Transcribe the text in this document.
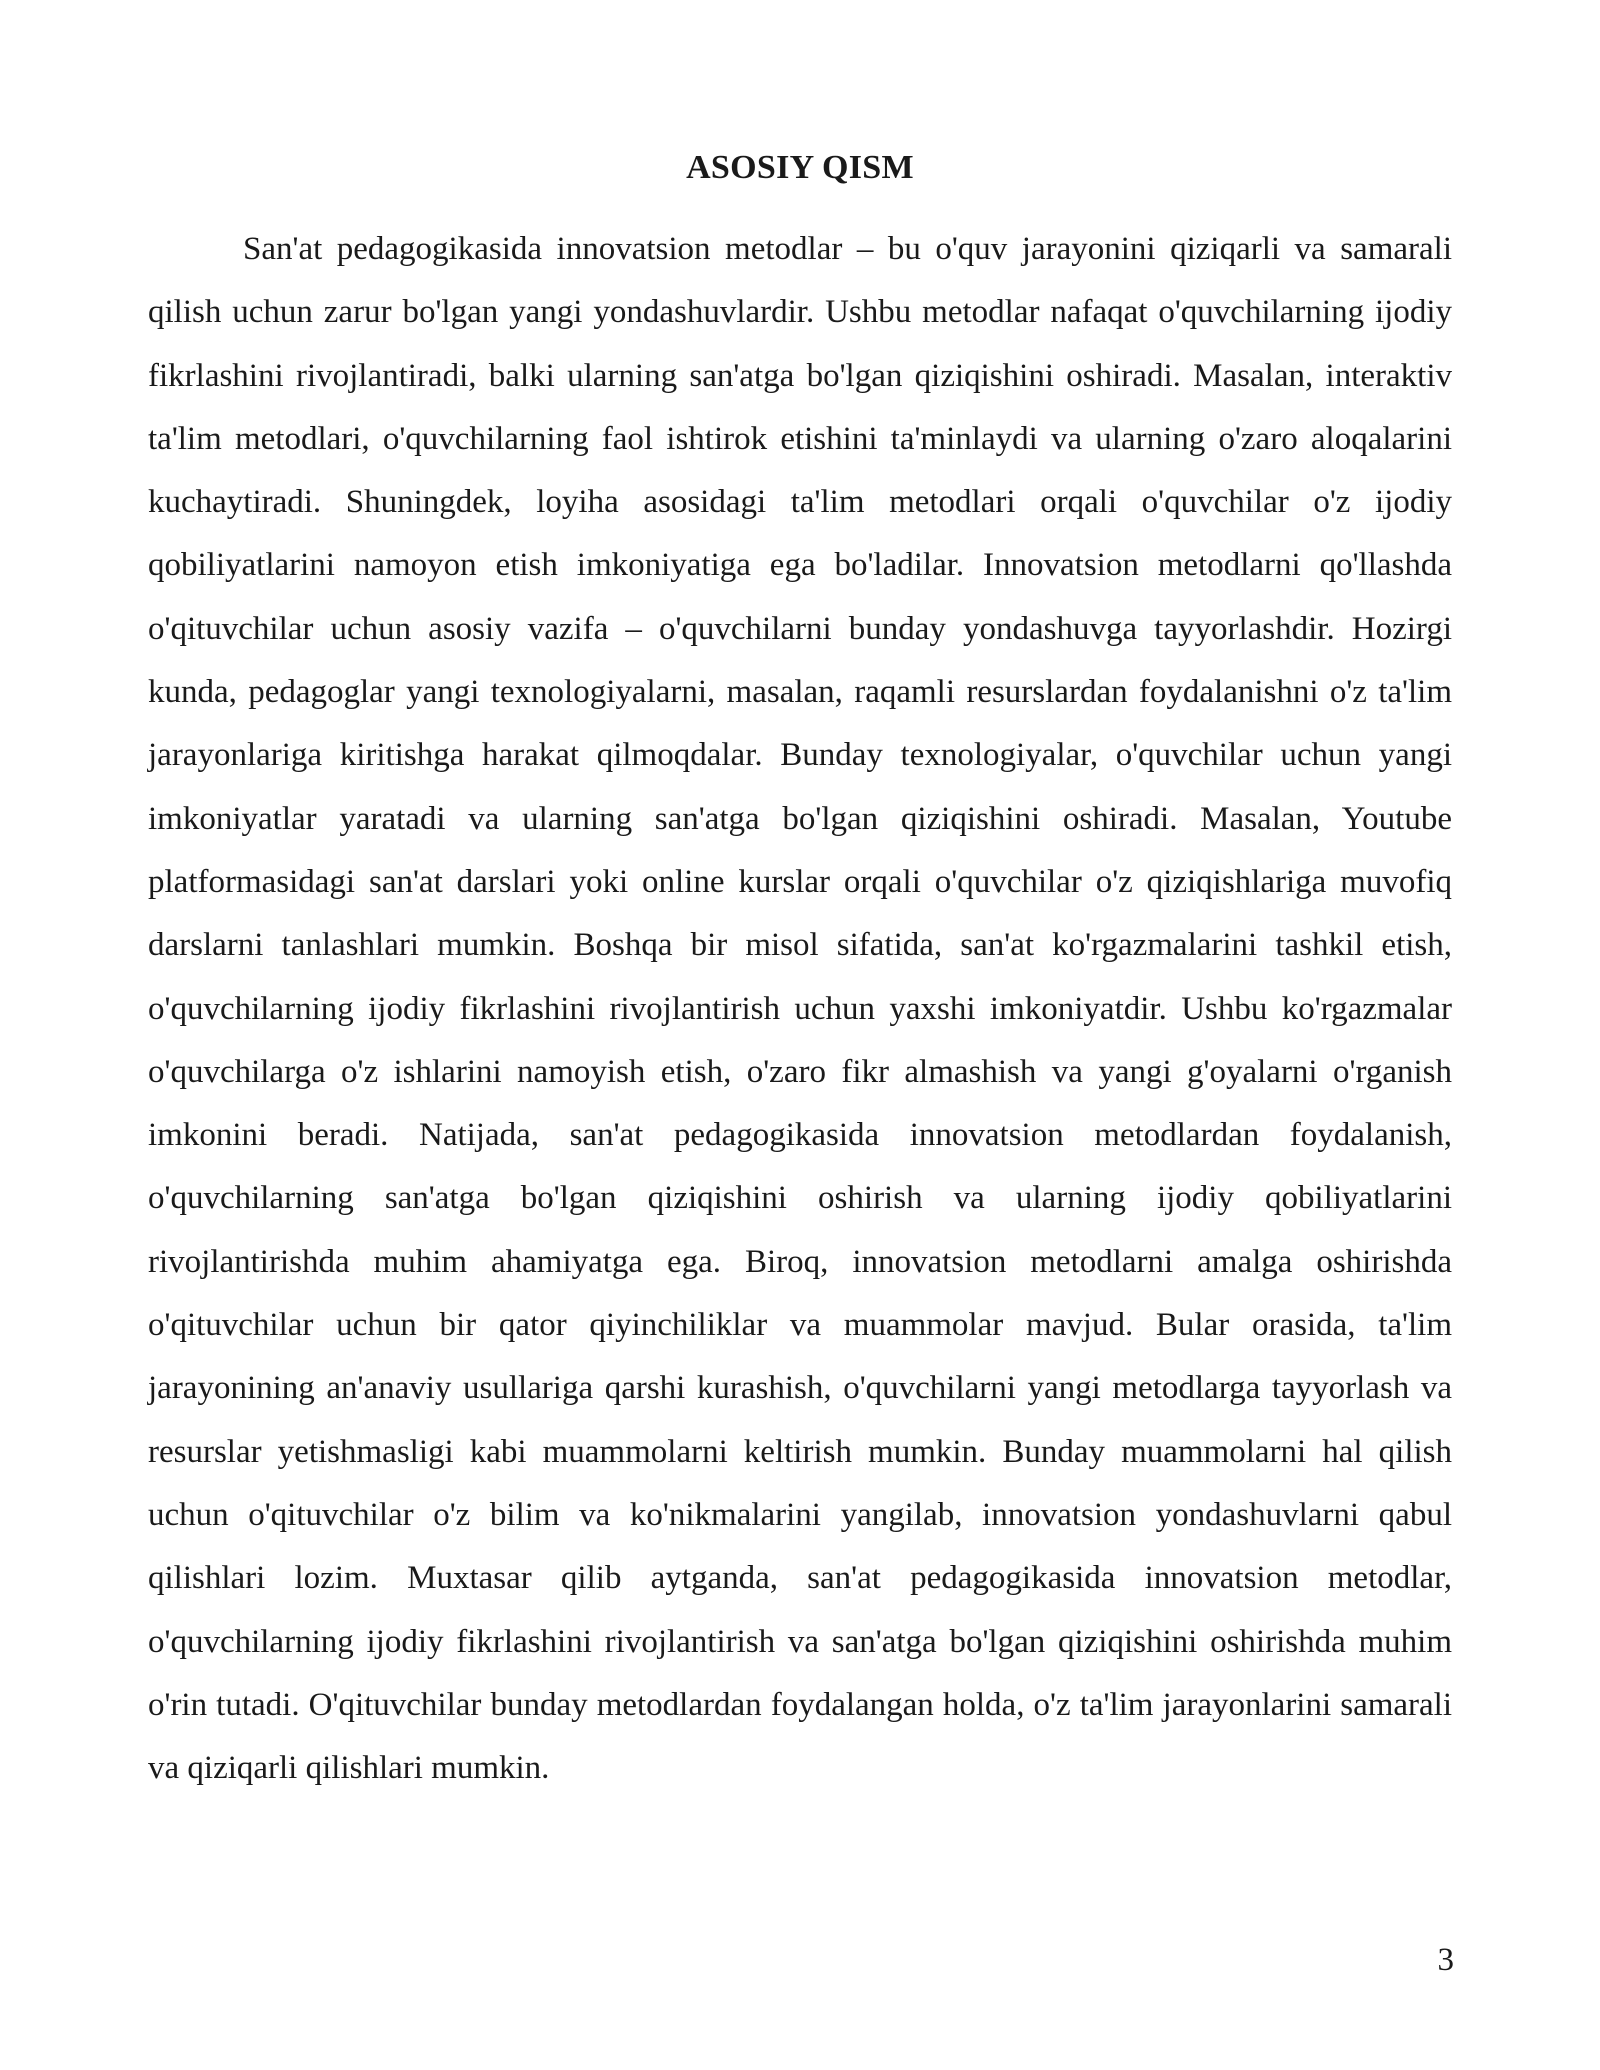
ASOSIY QISM

San'at pedagogikasida innovatsion metodlar – bu o'quv jarayonini qiziqarli va samarali qilish uchun zarur bo'lgan yangi yondashuvlardir. Ushbu metodlar nafaqat o'quvchilarning ijodiy fikrlashini rivojlantiradi, balki ularning san'atga bo'lgan qiziqishini oshiradi. Masalan, interaktiv ta'lim metodlari, o'quvchilarning faol ishtirok etishini ta'minlaydi va ularning o'zaro aloqalarini kuchaytiradi. Shuningdek, loyiha asosidagi ta'lim metodlari orqali o'quvchilar o'z ijodiy qobiliyatlarini namoyon etish imkoniyatiga ega bo'ladilar. Innovatsion metodlarni qo'llashda o'qituvchilar uchun asosiy vazifa – o'quvchilarni bunday yondashuvga tayyorlashdir. Hozirgi kunda, pedagoglar yangi texnologiyalarni, masalan, raqamli resurslardan foydalanishni o'z ta'lim jarayonlariga kiritishga harakat qilmoqdalar. Bunday texnologiyalar, o'quvchilar uchun yangi imkoniyatlar yaratadi va ularning san'atga bo'lgan qiziqishini oshiradi. Masalan, Youtube platformasidagi san'at darslari yoki online kurslar orqali o'quvchilar o'z qiziqishlariga muvofiq darslarni tanlashlari mumkin. Boshqa bir misol sifatida, san'at ko'rgazmalarini tashkil etish, o'quvchilarning ijodiy fikrlashini rivojlantirish uchun yaxshi imkoniyatdir. Ushbu ko'rgazmalar o'quvchilarga o'z ishlarini namoyish etish, o'zaro fikr almashish va yangi g'oyalarni o'rganish imkonini beradi. Natijada, san'at pedagogikasida innovatsion metodlardan foydalanish, o'quvchilarning san'atga bo'lgan qiziqishini oshirish va ularning ijodiy qobiliyatlarini rivojlantirishda muhim ahamiyatga ega. Biroq, innovatsion metodlarni amalga oshirishda o'qituvchilar uchun bir qator qiyinchiliklar va muammolar mavjud. Bular orasida, ta'lim jarayonining an'anaviy usullariga qarshi kurashish, o'quvchilarni yangi metodlarga tayyorlash va resurslar yetishmasligi kabi muammolarni keltirish mumkin. Bunday muammolarni hal qilish uchun o'qituvchilar o'z bilim va ko'nikmalarini yangilab, innovatsion yondashuvlarni qabul qilishlari lozim. Muxtasar qilib aytganda, san'at pedagogikasida innovatsion metodlar, o'quvchilarning ijodiy fikrlashini rivojlantirish va san'atga bo'lgan qiziqishini oshirishda muhim o'rin tutadi. O'qituvchilar bunday metodlardan foydalangan holda, o'z ta'lim jarayonlarini samarali va qiziqarli qilishlari mumkin.

3
